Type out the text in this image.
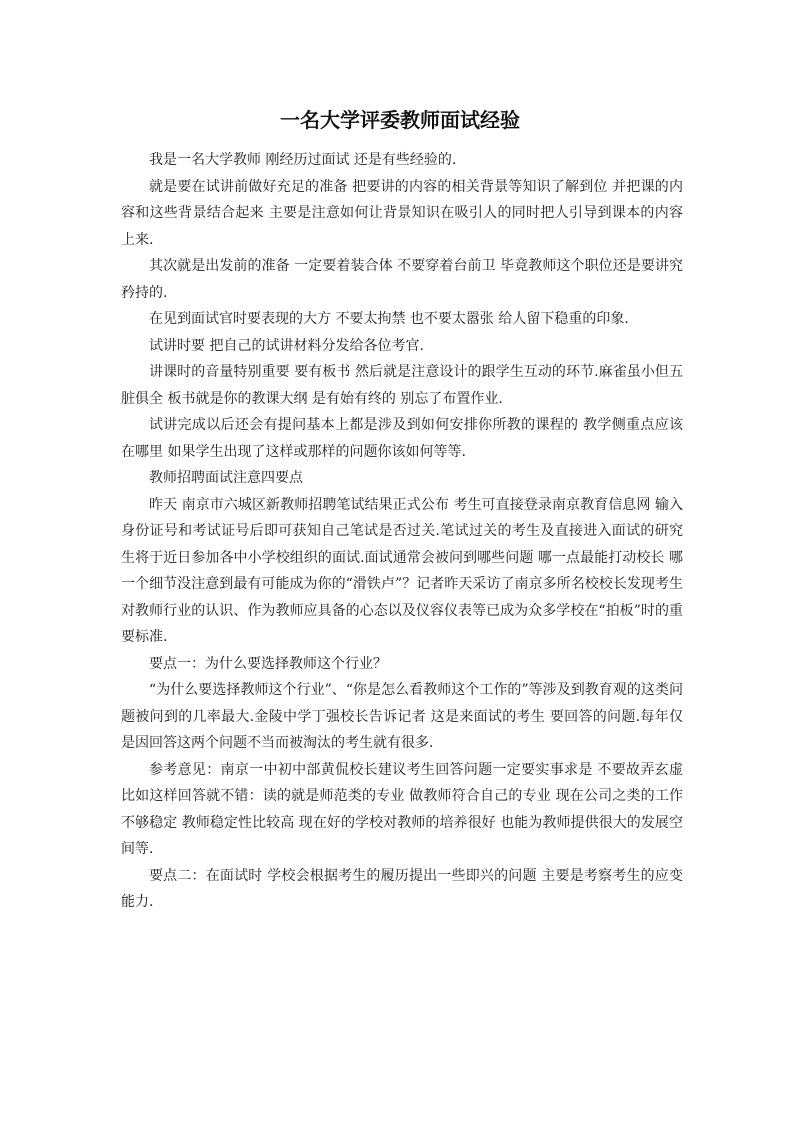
一名大学评委教师面试经验

我是一名大学教师 刚经历过面试 还是有些经验的.

就是要在试讲前做好充足的准备 把要讲的内容的相关背景等知识了解到位 并把课的内容和这些背景结合起来 主要是注意如何让背景知识在吸引人的同时把人引导到课本的内容上来.

其次就是出发前的准备 一定要着装合体 不要穿着台前卫 毕竟教师这个职位还是要讲究矜持的.

在见到面试官时要表现的大方 不要太拘禁 也不要太嚣张 给人留下稳重的印象.

试讲时要 把自己的试讲材料分发给各位考官.

讲课时的音量特别重要 要有板书 然后就是注意设计的跟学生互动的环节.麻雀虽小但五脏俱全 板书就是你的教课大纲 是有始有终的 别忘了布置作业.

试讲完成以后还会有提问基本上都是涉及到如何安排你所教的课程的 教学侧重点应该在哪里 如果学生出现了这样或那样的问题你该如何等等.

教师招聘面试注意四要点

昨天 南京市六城区新教师招聘笔试结果正式公布 考生可直接登录南京教育信息网 输入身份证号和考试证号后即可获知自己笔试是否过关.笔试过关的考生及直接进入面试的研究生将于近日参加各中小学校组织的面试.面试通常会被问到哪些问题 哪一点最能打动校长 哪一个细节没注意到最有可能成为你的“滑铁卢”？记者昨天采访了南京多所名校校长发现考生对教师行业的认识、作为教师应具备的心态以及仪容仪表等已成为众多学校在“拍板”时的重要标准.

要点一：为什么要选择教师这个行业？

“为什么要选择教师这个行业”、“你是怎么看教师这个工作的”等涉及到教育观的这类问题被问到的几率最大.金陵中学丁强校长告诉记者 这是来面试的考生 要回答的问题.每年仅是因回答这两个问题不当而被淘汰的考生就有很多.

参考意见：南京一中初中部黄侃校长建议考生回答问题一定要实事求是 不要故弄玄虚比如这样回答就不错：读的就是师范类的专业 做教师符合自己的专业 现在公司之类的工作不够稳定 教师稳定性比较高 现在好的学校对教师的培养很好 也能为教师提供很大的发展空间等.

要点二：在面试时 学校会根据考生的履历提出一些即兴的问题 主要是考察考生的应变能力.
